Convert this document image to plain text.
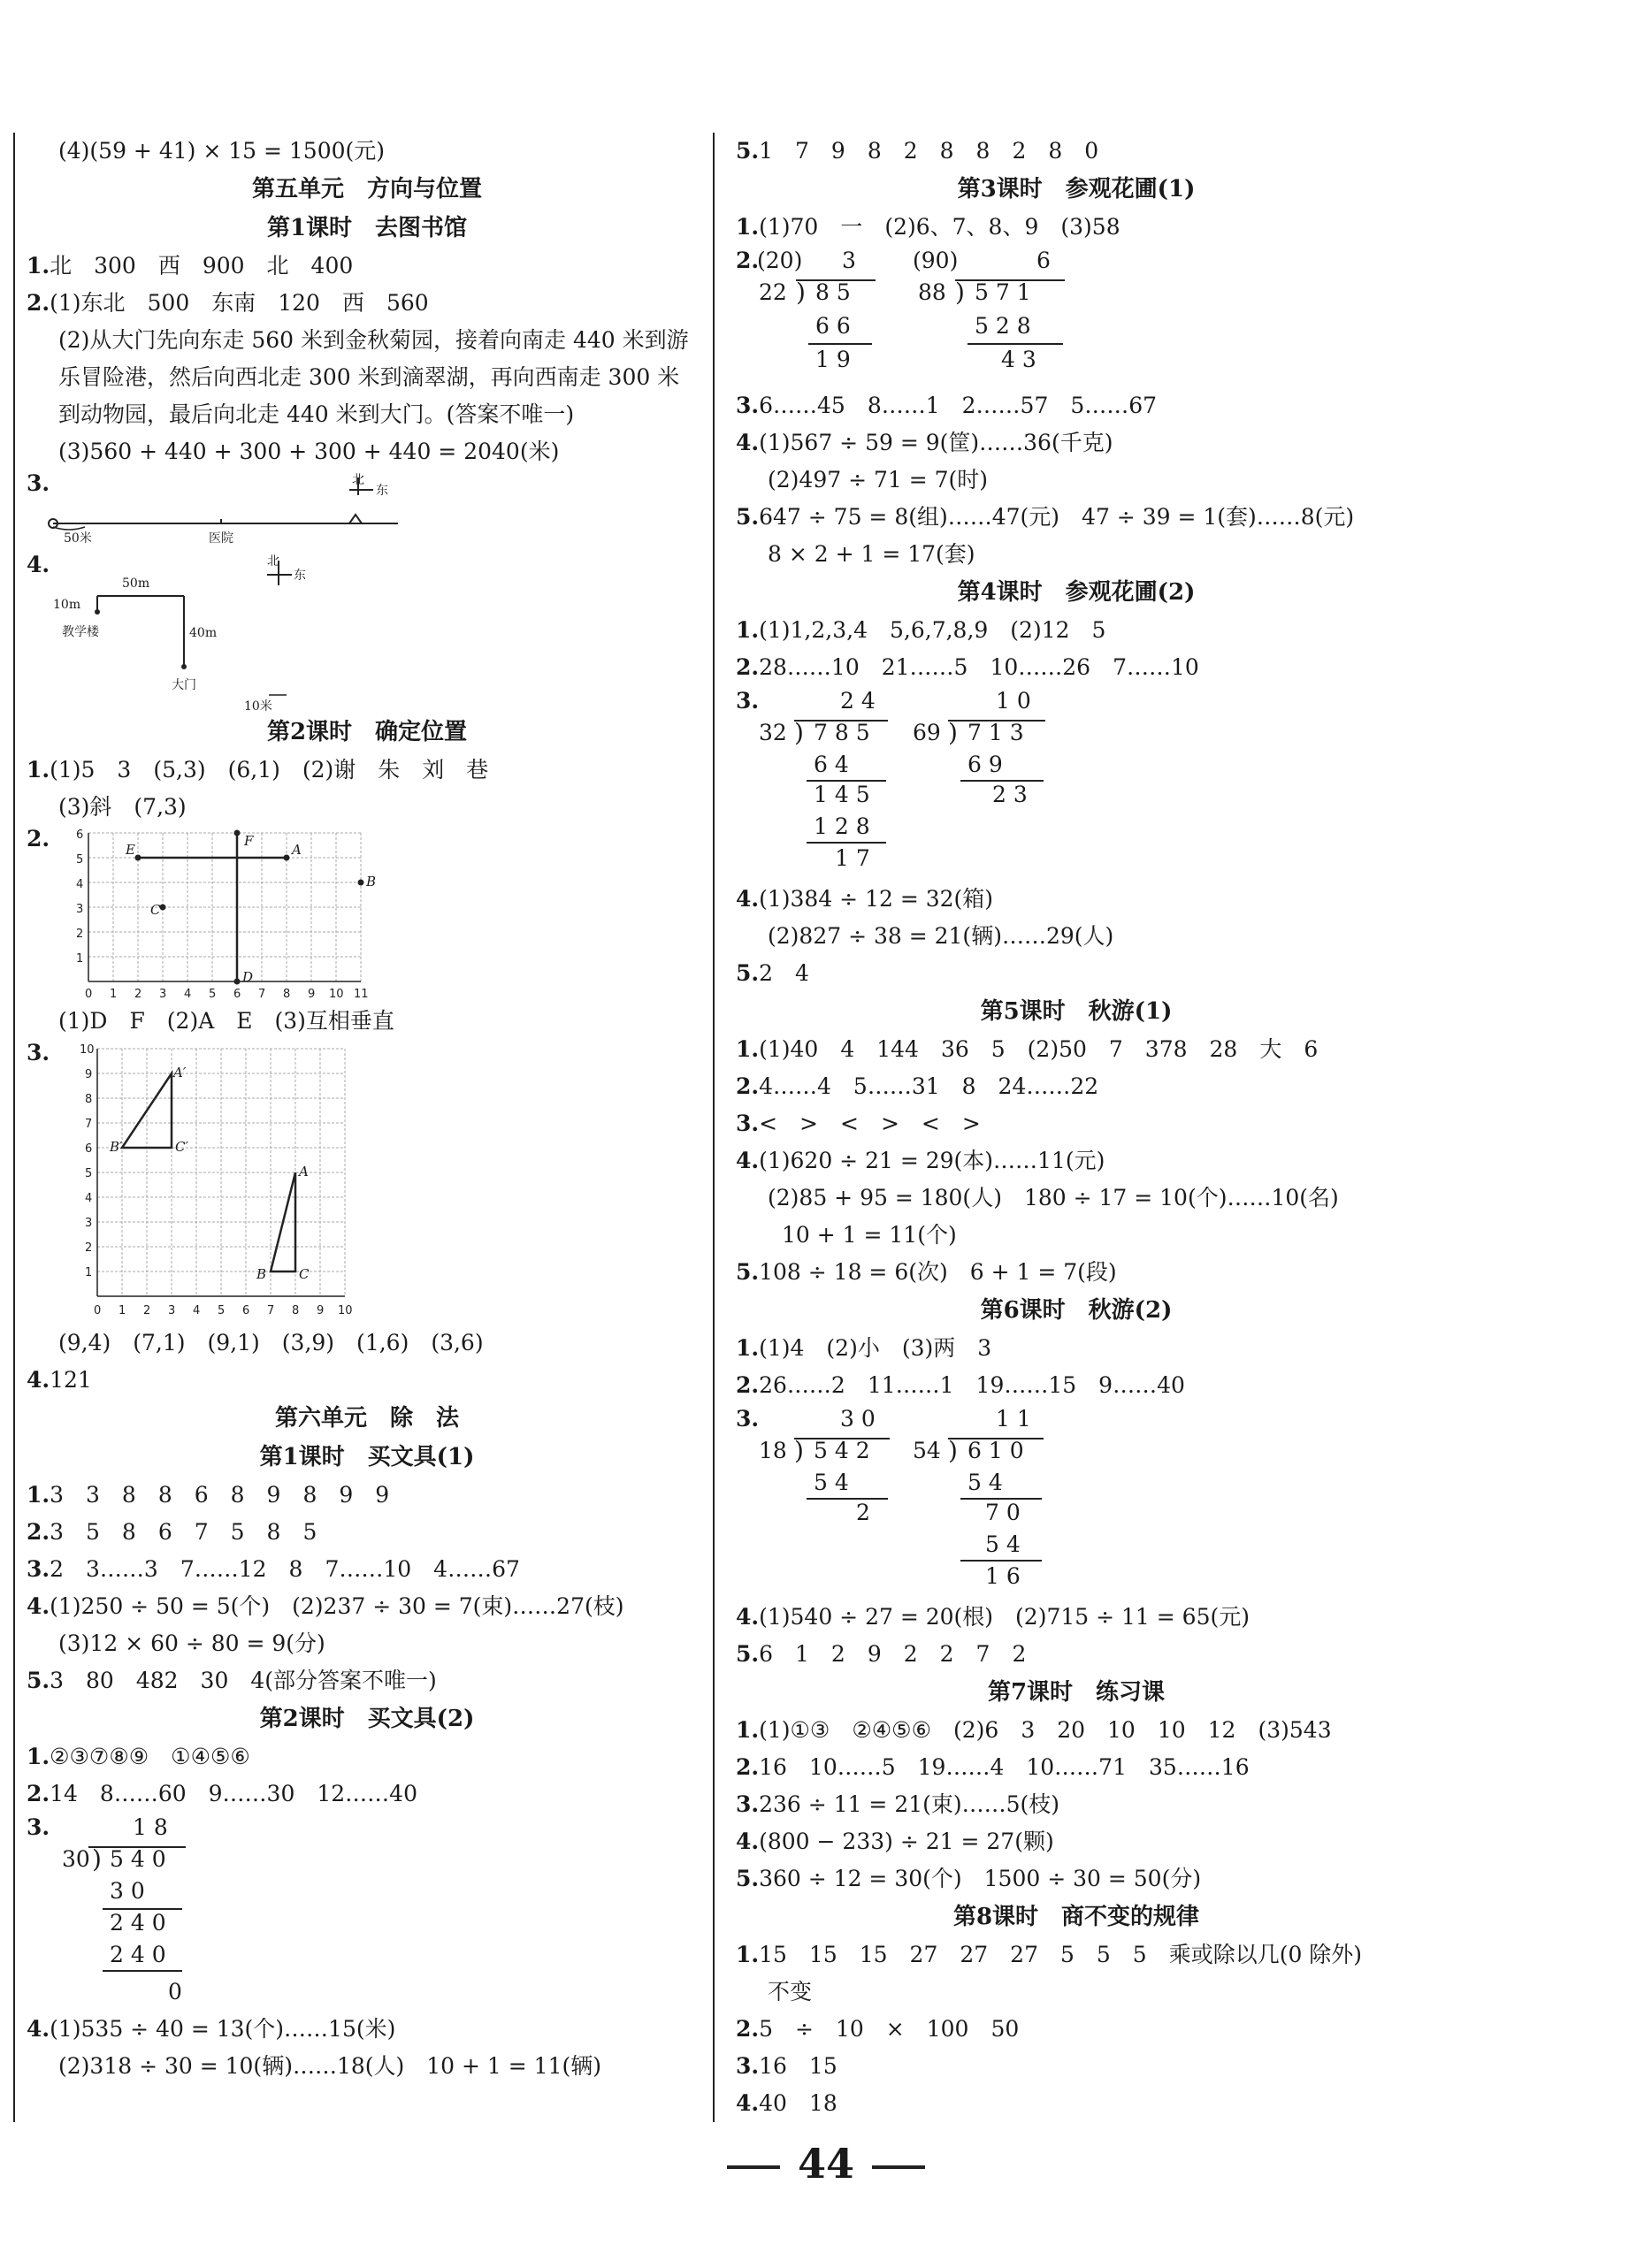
(4)(59 + 41) × 15 = 1500(元)
第五单元　方向与位置
第1课时　去图书馆
1.北　300　西　900　北　400
2.(1)东北　500　东南　120　西　560
(2)从大门先向东走 560 米到金秋菊园，接着向南走 440 米到游
乐冒险港，然后向西北走 300 米到滴翠湖，再向西南走 300 米
到动物园，最后向北走 440 米到大门。(答案不唯一)
(3)560 + 440 + 300 + 300 + 440 = 2040(米)
3.	北
东
50米	医院
4.	北
东
50m
10m
40m
教学楼
大门
10米
第2课时　确定位置
1.(1)5　3　(5,3)　(6,1)　(2)谢　朱　刘　巷
(3)斜　(7,3)
2. 6
5
4
3
2
1
0 1 2 3 4 5 6 7 8 9 10 11
E
F
A
B
C
D
(1)D　F　(2)A　E　(3)互相垂直
3.	10
9
8
7
6
5
4
3
2
1
0 1 2 3 4 5 6 7 8 9 10
A′
B′	C′
A
B C
(9,4)　(7,1)　(9,1)　(3,9)　(1,6)　(3,6)
4.121
第六单元　除　法
第1课时　买文具(1)
1.3　3　8　8　6　8　9　8　9　9
2.3　5　8　6　7　5　8　5
3.2　3……3　7……12　8　7……10　4……67
4.(1)250 ÷ 50 = 5(个)　(2)237 ÷ 30 = 7(束)……27(枝)
(3)12 × 60 ÷ 80 = 9(分)
5.3　80　482　30　4(部分答案不唯一)
第2课时　买文具(2)
1.②③⑦⑧⑨　①④⑤⑥
2.14　8……60　9……30　12……40
3.	1 8
30 ) 5 4 0
3 0
2 4 0
2 4 0
0
4.(1)535 ÷ 40 = 13(个)……15(米)
(2)318 ÷ 30 = 10(辆)……18(人)　10 + 1 = 11(辆)
5.1　7　9　8　2　8　8　2　8　0
第3课时　参观花圃(1)
1.(1)70　一　(2)6、7、8、9　(3)58
2.
(20) 3
22 ) 8 5
6 6
1 9
(90)	6
88 ) 5 7 1
5 2 8
4 3
3.6……45　8……1　2……57　5……67
4.(1)567 ÷ 59 = 9(筐)……36(千克)
(2)497 ÷ 71 = 7(时)
5.647 ÷ 75 = 8(组)……47(元)　47 ÷ 39 = 1(套)……8(元)
8 × 2 + 1 = 17(套)
第4课时　参观花圃(2)
1.(1)1,2,3,4　5,6,7,8,9　(2)12　5
2.28……10　21……5　10……26　7……10
3.	2 4
32 ) 7 8 5
6 4
1 4 5
1 2 8
1 7
1 0
69 ) 7 1 3
6 9
2 3
4.(1)384 ÷ 12 = 32(箱)
(2)827 ÷ 38 = 21(辆)……29(人)
5.2　4
第5课时　秋游(1)
1.(1)40　4　144　36　5　(2)50　7　378　28　大　6
2.4……4　5……31　8　24……22
3.<　>　<　>　<　>
4.(1)620 ÷ 21 = 29(本)……11(元)
(2)85 + 95 = 180(人)　180 ÷ 17 = 10(个)……10(名)
10 + 1 = 11(个)
5.108 ÷ 18 = 6(次)　6 + 1 = 7(段)
第6课时　秋游(2)
1.(1)4　(2)小　(3)两　3
2.26……2　11……1　19……15　9……40
3.	3 0
18 ) 5 4 2
5 4
2
1 1
54 ) 6 1 0
5 4
7 0
5 4
1 6
4.(1)540 ÷ 27 = 20(根)　(2)715 ÷ 11 = 65(元)
5.6　1　2　9　2　2　7　2
第7课时　练习课
1.(1)①③　②④⑤⑥　(2)6　3　20　10　10　12　(3)543
2.16　10……5　19……4　10……71　35……16
3.236 ÷ 11 = 21(束)……5(枝)
4.(800 − 233) ÷ 21 = 27(颗)
5.360 ÷ 12 = 30(个)　1500 ÷ 30 = 50(分)
第8课时　商不变的规律
1.15　15　15　27　27　27　5　5　5　乘或除以几(0 除外)
不变
2.5　÷　10　×　100　50
3.16　15
4.40　18
44
